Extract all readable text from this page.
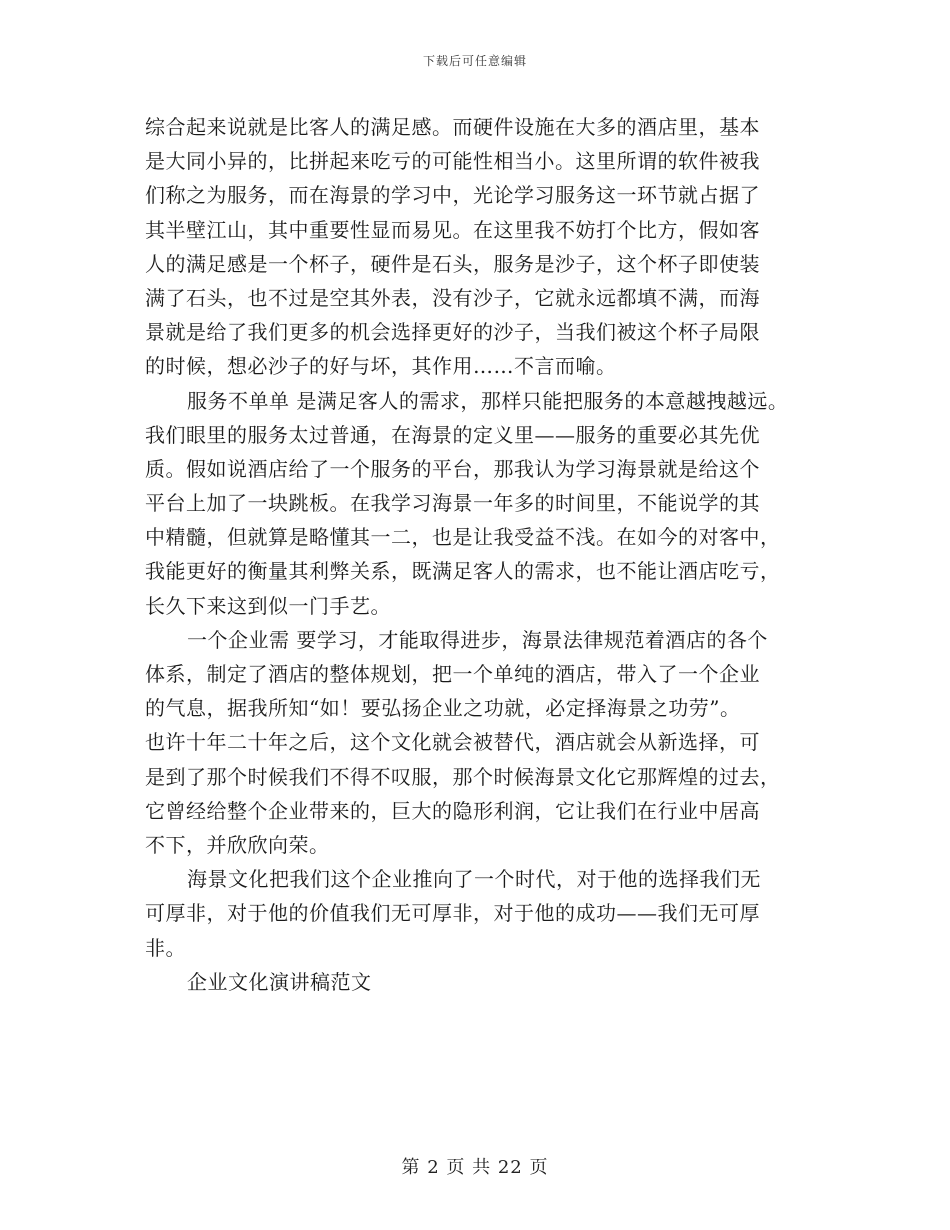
下载后可任意编辑
综合起来说就是比客人的满足感。而硬件设施在大多的酒店里，基本
是大同小异的，比拼起来吃亏的可能性相当小。这里所谓的软件被我
们称之为服务，而在海景的学习中，光论学习服务这一环节就占据了
其半壁江山，其中重要性显而易见。在这里我不妨打个比方，假如客
人的满足感是一个杯子，硬件是石头，服务是沙子，这个杯子即使装
满了石头，也不过是空其外表，没有沙子，它就永远都填不满，而海
景就是给了我们更多的机会选择更好的沙子，当我们被这个杯子局限
的时候，想必沙子的好与坏，其作用……不言而喻。
服务不单单 是满足客人的需求，那样只能把服务的本意越拽越远。
我们眼里的服务太过普通，在海景的定义里——服务的重要必其先优
质。假如说酒店给了一个服务的平台，那我认为学习海景就是给这个
平台上加了一块跳板。在我学习海景一年多的时间里，不能说学的其
中精髓，但就算是略懂其一二，也是让我受益不浅。在如今的对客中，
我能更好的衡量其利弊关系，既满足客人的需求，也不能让酒店吃亏，
长久下来这到似一门手艺。
一个企业需 要学习，才能取得进步，海景法律规范着酒店的各个
体系，制定了酒店的整体规划，把一个单纯的酒店，带入了一个企业
的气息，据我所知“如！要弘扬企业之功就，必定择海景之功劳”。
也许十年二十年之后，这个文化就会被替代，酒店就会从新选择，可
是到了那个时候我们不得不叹服，那个时候海景文化它那辉煌的过去，
它曾经给整个企业带来的，巨大的隐形利润，它让我们在行业中居高
不下，并欣欣向荣。
海景文化把我们这个企业推向了一个时代，对于他的选择我们无
可厚非，对于他的价值我们无可厚非，对于他的成功——我们无可厚
非。
企业文化演讲稿范文
第 2 页 共 22 页
